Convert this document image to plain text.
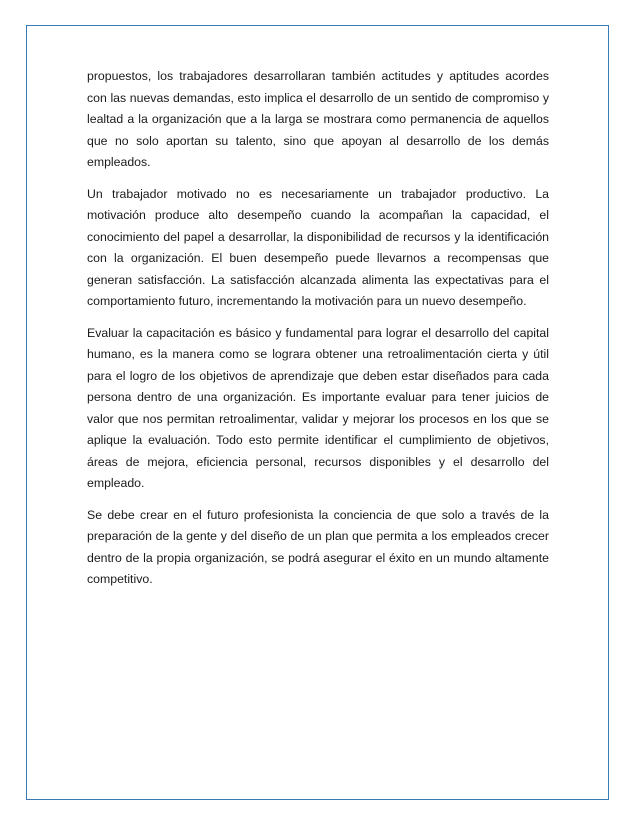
propuestos, los trabajadores desarrollaran también actitudes y aptitudes acordes con las nuevas demandas, esto implica el desarrollo de un sentido de compromiso y lealtad a la organización que a la larga se mostrara como permanencia de aquellos que no solo aportan su talento, sino que apoyan al desarrollo de los demás empleados.

Un trabajador motivado no es necesariamente un trabajador productivo. La motivación produce alto desempeño cuando la acompañan la capacidad, el conocimiento del papel a desarrollar, la disponibilidad de recursos y la identificación con la organización. El buen desempeño puede llevarnos a recompensas que generan satisfacción. La satisfacción alcanzada alimenta las expectativas para el comportamiento futuro, incrementando la motivación para un nuevo desempeño.

Evaluar la capacitación es básico y fundamental para lograr el desarrollo del capital humano, es la manera como se lograra obtener una retroalimentación cierta y útil para el logro de los objetivos de aprendizaje que deben estar diseñados para cada persona dentro de una organización. Es importante evaluar para tener juicios de valor que nos permitan retroalimentar, validar y mejorar los procesos en los que se aplique la evaluación. Todo esto permite identificar el cumplimiento de objetivos, áreas de mejora, eficiencia personal, recursos disponibles y el desarrollo del empleado.

Se debe crear en el futuro profesionista la conciencia de que solo a través de la preparación de la gente y del diseño de un plan que permita a los empleados crecer dentro de la propia organización, se podrá asegurar el éxito en un mundo altamente competitivo.
